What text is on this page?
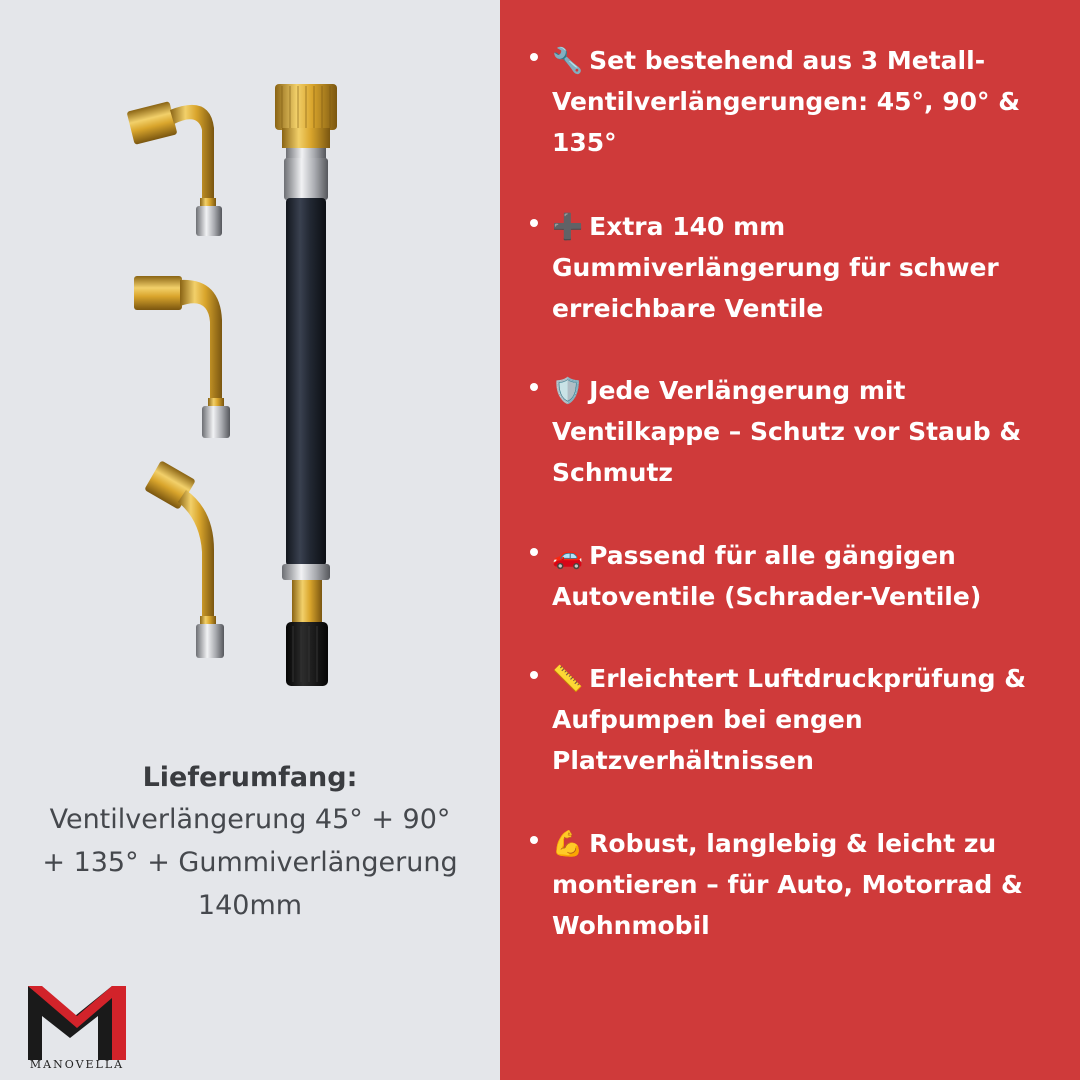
Lieferumfang:
Ventilverlängerung 45° + 90° + 135° + Gummiverlängerung 140mm
MANOVELLA
🔧 Set bestehend aus 3 Metall-Ventilverlängerungen: 45°, 90° & 135°
➕ Extra 140 mm Gummiverlängerung für schwer erreichbare Ventile
🛡️ Jede Verlängerung mit Ventilkappe – Schutz vor Staub & Schmutz
🚗 Passend für alle gängigen Autoventile (Schrader-Ventile)
📏 Erleichtert Luftdruckprüfung & Aufpumpen bei engen Platzverhältnissen
💪 Robust, langlebig & leicht zu montieren – für Auto, Motorrad & Wohnmobil
